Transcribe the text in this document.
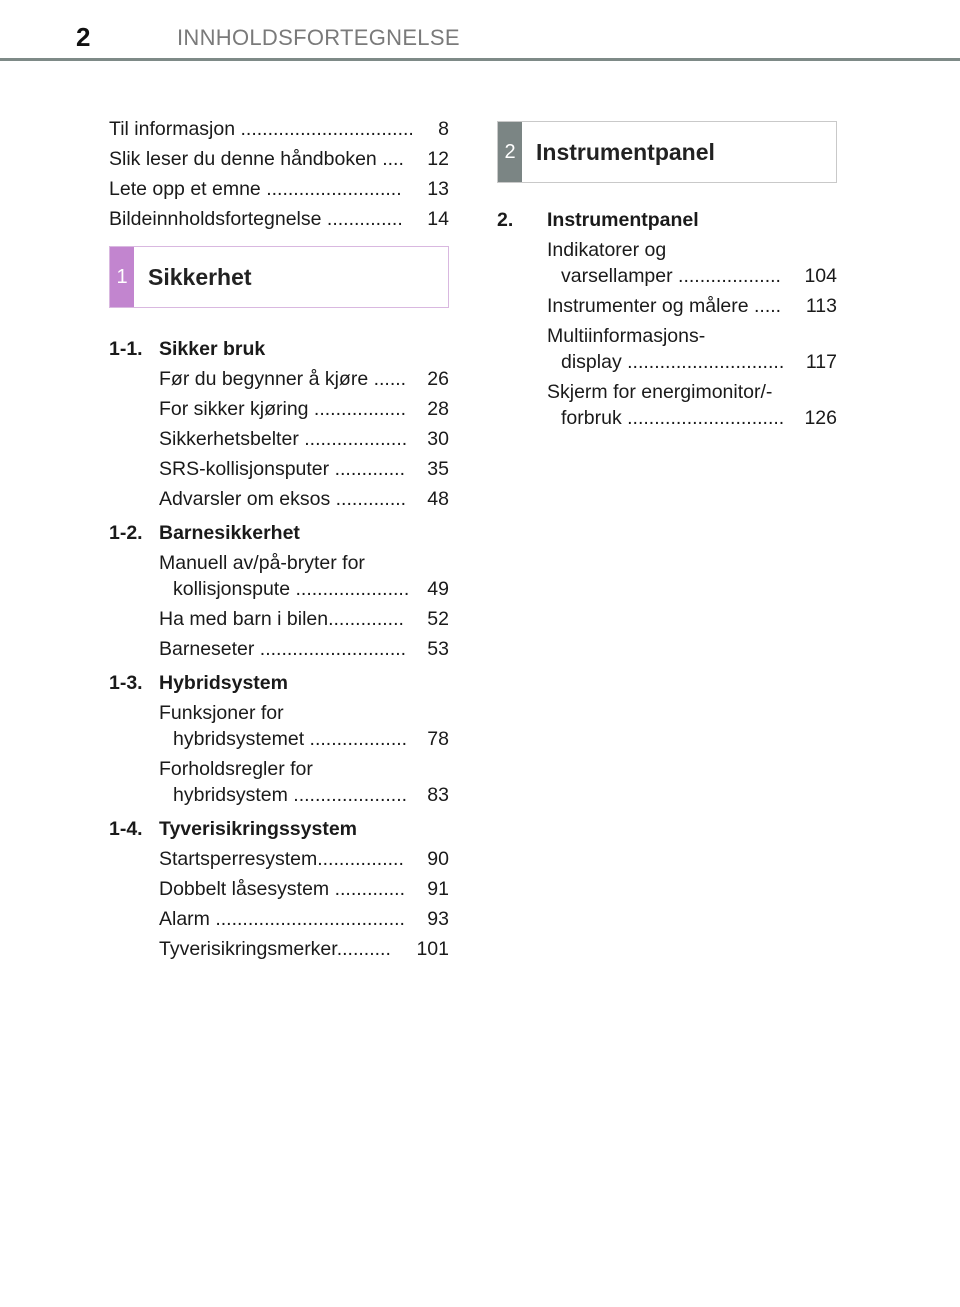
2	INNHOLDSFORTEGNELSE
Til informasjon ................................ 8
Slik leser du denne håndboken .... 12
Lete opp et emne ......................... 13
Bildeinnholdsfortegnelse .............. 14
1 Sikkerhet
1-1. Sikker bruk
Før du begynner å kjøre ...... 26
For sikker kjøring ................. 28
Sikkerhetsbelter ................... 30
SRS-kollisjonsputer ............. 35
Advarsler om eksos ............. 48
1-2. Barnesikkerhet
Manuell av/på-bryter for
kollisjonspute ..................... 49
Ha med barn i bilen.............. 52
Barneseter ........................... 53
1-3. Hybridsystem
Funksjoner for
hybridsystemet .................. 78
Forholdsregler for
hybridsystem ..................... 83
1-4. Tyverisikringssystem
Startsperresystem................ 90
Dobbelt låsesystem ............. 91
Alarm ................................... 93
Tyverisikringsmerker.......... 101
2 Instrumentpanel
2.	Instrumentpanel
Indikatorer og
varsellamper ................... 104
Instrumenter og målere ..... 113
Multiinformasjons-
display ............................. 117
Skjerm for energimonitor/-
forbruk ............................. 126
